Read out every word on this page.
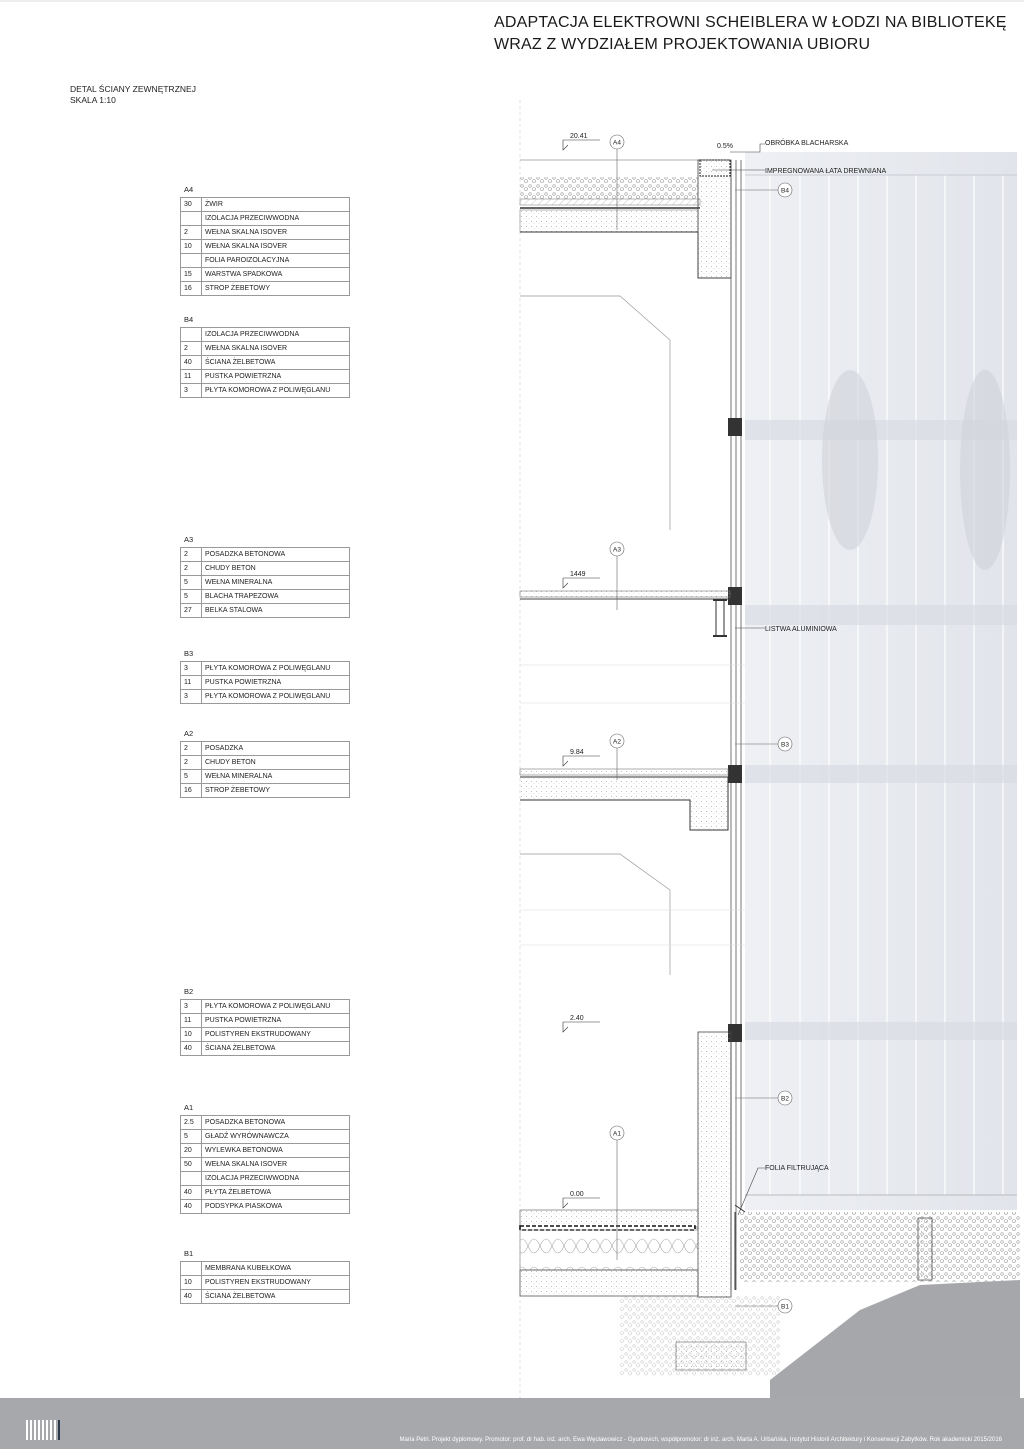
ADAPTACJA ELEKTROWNI SCHEIBLERA W ŁODZI NA BIBLIOTEKĘ
WRAZ Z WYDZIAŁEM PROJEKTOWANIA UBIORU
DETAL ŚCIANY ZEWNĘTRZNEJ
SKALA 1:10
20.41
1449
9.84
2.40
0.00
A4
B4
A3
A2	B3
B2
A1
B1
0.5%	OBRÓBKA BLACHARSKA
IMPREGNOWANA ŁATA DREWNIANA
LISTWA ALUMINIOWA
FOLIA FILTRUJĄCA
A4
30	ŻWIR
	IZOLACJA PRZECIWWODNA
2	WEŁNA SKALNA ISOVER
10	WEŁNA SKALNA ISOVER
	FOLIA PAROIZOLACYJNA
15	WARSTWA SPADKOWA
16	STROP ŻEBETOWY
B4
	IZOLACJA PRZECIWWODNA
2	WEŁNA SKALNA ISOVER
40	ŚCIANA ŻELBETOWA
11	PUSTKA POWIETRZNA
3	PŁYTA KOMOROWA Z POLIWĘGLANU
A3
2	POSADZKA BETONOWA
2	CHUDY BETON
5	WEŁNA MINERALNA
5	BLACHA TRAPEZOWA
27	BELKA STALOWA
B3
3	PŁYTA KOMOROWA Z POLIWĘGLANU
11	PUSTKA POWIETRZNA
3	PŁYTA KOMOROWA Z POLIWĘGLANU
A2
2	POSADZKA
2	CHUDY BETON
5	WEŁNA MINERALNA
16	STROP ŻEBETOWY
B2
3	PŁYTA KOMOROWA Z POLIWĘGLANU
11	PUSTKA POWIETRZNA
10	POLISTYREN EKSTRUDOWANY
40	ŚCIANA ŻELBETOWA
A1
2.5	POSADZKA BETONOWA
5	GŁADŹ WYRÓWNAWCZA
20	WYLEWKA BETONOWA
50	WEŁNA SKALNA ISOVER
	IZOLACJA PRZECIWWODNA
40	PŁYTA ŻELBETOWA
40	PODSYPKA PIASKOWA
B1
	MEMBRANA KUBEŁKOWA
10	POLISTYREN EKSTRUDOWANY
40	ŚCIANA ŻELBETOWA
Maria Petri. Projekt dyplomowy. Promotor: prof. dr hab. inż. arch. Ewa Węcławowicz - Gyurkovich, współpromotor: dr inż. arch. Marta A. Urbańska. Instytut Historii Architektury i Konserwacji Zabytków. Rok akademicki 2015/2016
